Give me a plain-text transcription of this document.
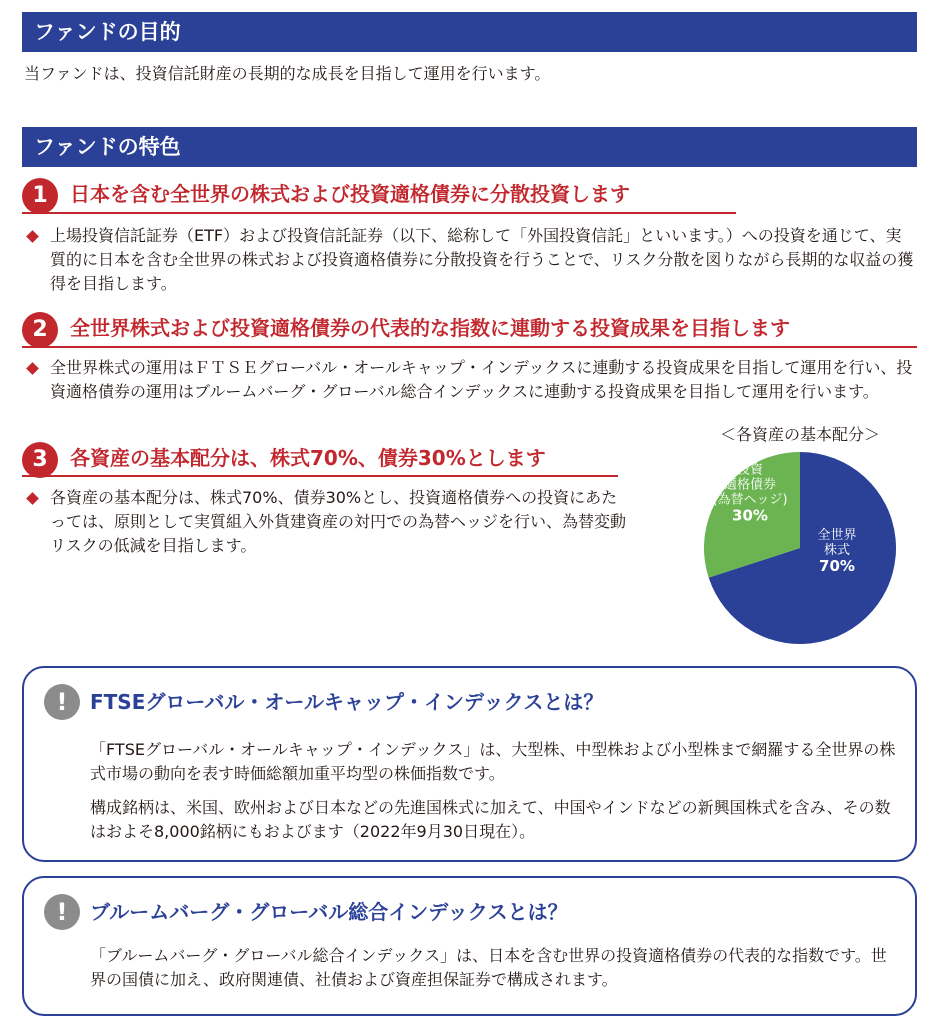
ファンドの目的
当ファンドは、投資信託財産の長期的な成長を目指して運用を行います。
ファンドの特色
1	日本を含む全世界の株式および投資適格債券に分散投資します
上場投資信託証券（ETF）および投資信託証券（以下、総称して「外国投資信託」といいます。）への投資を通じて、実質的に日本を含む全世界の株式および投資適格債券に分散投資を行うことで、リスク分散を図りながら長期的な収益の獲得を目指します。
2	全世界株式および投資適格債券の代表的な指数に連動する投資成果を目指します
全世界株式の運用はＦＴＳＥグローバル・オールキャップ・インデックスに連動する投資成果を目指して運用を行い、投資適格債券の運用はブルームバーグ・グローバル総合インデックスに連動する投資成果を目指して運用を行います。
3	各資産の基本配分は、株式70%、債券30%とします
各資産の基本配分は、株式70%、債券30%とし、投資適格債券への投資にあたっては、原則として実質組入外貨建資産の対円での為替ヘッジを行い、為替変動リスクの低減を目指します。
＜各資産の基本配分＞
全世界
株式
70%
投資
適格債券
(為替ヘッジ)
30%
!	FTSEグローバル・オールキャップ・インデックスとは？

「FTSEグローバル・オールキャップ・インデックス」は、大型株、中型株および小型株まで網羅する全世界の株式市場の動向を表す時価総額加重平均型の株価指数です。

構成銘柄は、米国、欧州および日本などの先進国株式に加えて、中国やインドなどの新興国株式を含み、その数はおよそ8,000銘柄にもおよびます（2022年9月30日現在）。

!	ブルームバーグ・グローバル総合インデックスとは？

「ブルームバーグ・グローバル総合インデックス」は、日本を含む世界の投資適格債券の代表的な指数です。世界の国債に加え、政府関連債、社債および資産担保証券で構成されます。
